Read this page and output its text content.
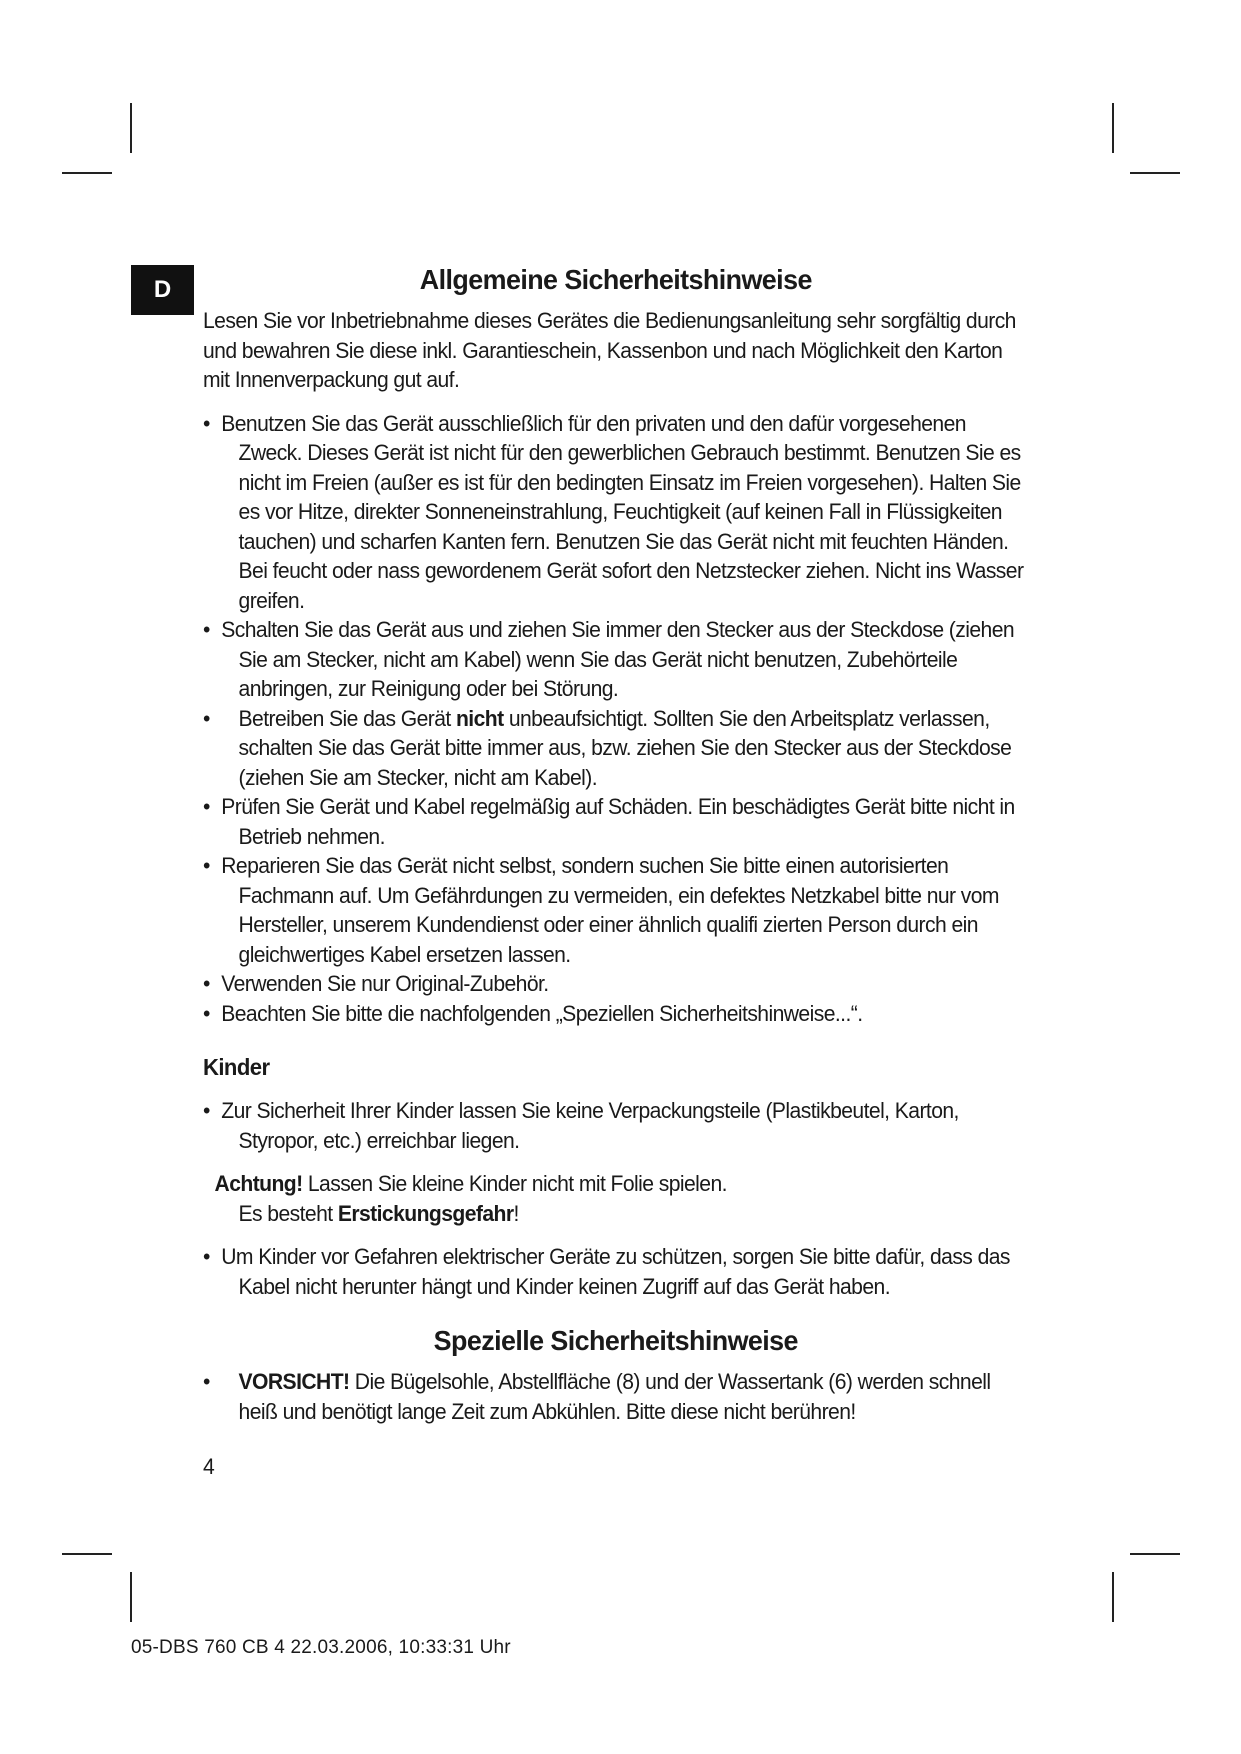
D	Allgemeine Sicherheitshinweise

Lesen Sie vor Inbetriebnahme dieses Gerätes die Bedienungsanleitung sehr sorgfältig durch und bewahren Sie diese inkl. Garantieschein, Kassenbon und nach Möglichkeit den Karton mit Innenverpackung gut auf.

• Benutzen Sie das Gerät ausschließlich für den privaten und den dafür vorgesehenen Zweck. Dieses Gerät ist nicht für den gewerblichen Gebrauch bestimmt. Benutzen Sie es nicht im Freien (außer es ist für den bedingten Einsatz im Freien vorgesehen). Halten Sie es vor Hitze, direkter Sonneneinstrahlung, Feuchtigkeit (auf keinen Fall in Flüssigkeiten tauchen) und scharfen Kanten fern. Benutzen Sie das Gerät nicht mit feuchten Händen. Bei feucht oder nass gewordenem Gerät sofort den Netzstecker ziehen. Nicht ins Wasser greifen.
• Schalten Sie das Gerät aus und ziehen Sie immer den Stecker aus der Steckdose (ziehen Sie am Stecker, nicht am Kabel) wenn Sie das Gerät nicht benutzen, Zubehörteile anbringen, zur Reinigung oder bei Störung.
• Betreiben Sie das Gerät nicht unbeaufsichtigt. Sollten Sie den Arbeitsplatz verlassen, schalten Sie das Gerät bitte immer aus, bzw. ziehen Sie den Stecker aus der Steckdose (ziehen Sie am Stecker, nicht am Kabel).
• Prüfen Sie Gerät und Kabel regelmäßig auf Schäden. Ein beschädigtes Gerät bitte nicht in Betrieb nehmen.
• Reparieren Sie das Gerät nicht selbst, sondern suchen Sie bitte einen autorisierten Fachmann auf. Um Gefährdungen zu vermeiden, ein defektes Netzkabel bitte nur vom Hersteller, unserem Kundendienst oder einer ähnlich qualifi zierten Person durch ein gleichwertiges Kabel ersetzen lassen.
• Verwenden Sie nur Original-Zubehör.
• Beachten Sie bitte die nachfolgenden „Speziellen Sicherheitshinweise...“.
Kinder
• Zur Sicherheit Ihrer Kinder lassen Sie keine Verpackungsteile (Plastikbeutel, Karton, Styropor, etc.) erreichbar liegen.

Achtung! Lassen Sie kleine Kinder nicht mit Folie spielen.
Es besteht Erstickungsgefahr!

• Um Kinder vor Gefahren elektrischer Geräte zu schützen, sorgen Sie bitte dafür, dass das Kabel nicht herunter hängt und Kinder keinen Zugriff auf das Gerät haben.
Spezielle Sicherheitshinweise
• VORSICHT! Die Bügelsohle, Abstellfläche (8) und der Wassertank (6) werden schnell heiß und benötigt lange Zeit zum Abkühlen. Bitte diese nicht berühren!

4

05-DBS 760 CB 4 22.03.2006, 10:33:31 Uhr
